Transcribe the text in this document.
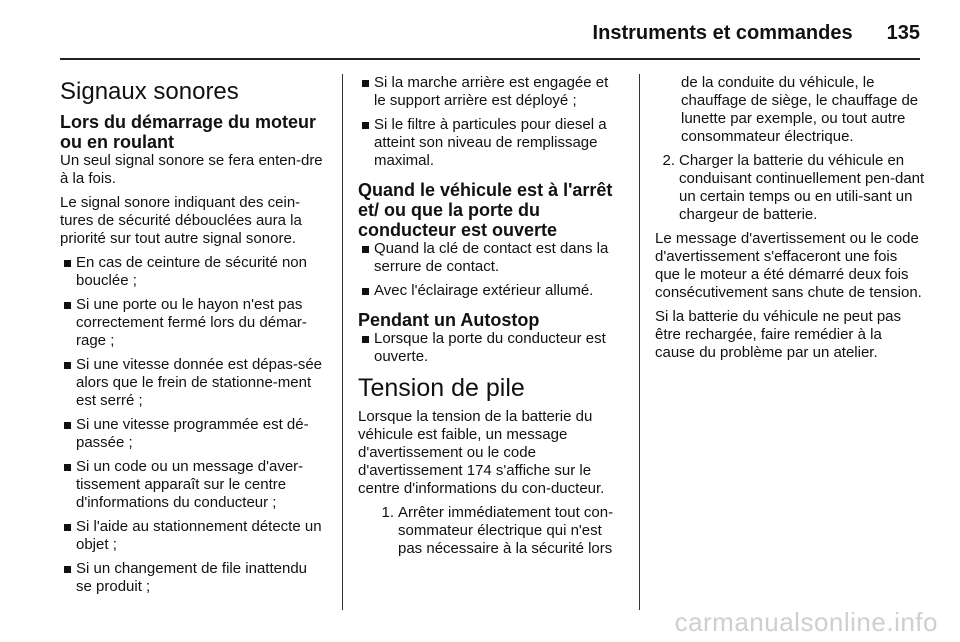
Instruments et commandes 135
Signaux sonores
Lors du démarrage du moteur ou en roulant

Un seul signal sonore se fera enten-dre à la fois.

Le signal sonore indiquant des cein-tures de sécurité débouclées aura la priorité sur tout autre signal sonore.

En cas de ceinture de sécurité non bouclée ;
Si une porte ou le hayon n'est pas correctement fermé lors du démar-rage ;
Si une vitesse donnée est dépas-sée alors que le frein de stationne-ment est serré ;
Si une vitesse programmée est dé-passée ;
Si un code ou un message d'aver-tissement apparaît sur le centre d'informations du conducteur ;
Si l'aide au stationnement détecte un objet ;
Si un changement de file inattendu se produit ;
Si la marche arrière est engagée et le support arrière est déployé ;
Si le filtre à particules pour diesel a atteint son niveau de remplissage maximal.
Quand le véhicule est à l'arrêt et/ ou que la porte du conducteur est ouverte
Quand la clé de contact est dans la serrure de contact.
Avec l'éclairage extérieur allumé.
Pendant un Autostop
Lorsque la porte du conducteur est ouverte.
Tension de pile

Lorsque la tension de la batterie du véhicule est faible, un message d'avertissement ou le code d'avertissement 174 s'affiche sur le centre d'informations du con-ducteur.

1. Arrêter immédiatement tout con-sommateur électrique qui n'est pas nécessaire à la sécurité lors
de la conduite du véhicule, le chauffage de siège, le chauffage de lunette par exemple, ou tout autre consommateur électrique.
2. Charger la batterie du véhicule en conduisant continuellement pen-dant un certain temps ou en utili-sant un chargeur de batterie.

Le message d'avertissement ou le code d'avertissement s'effaceront une fois que le moteur a été démarré deux fois consécutivement sans chute de tension.

Si la batterie du véhicule ne peut pas être rechargée, faire remédier à la cause du problème par un atelier.

carmanualsonline.info
